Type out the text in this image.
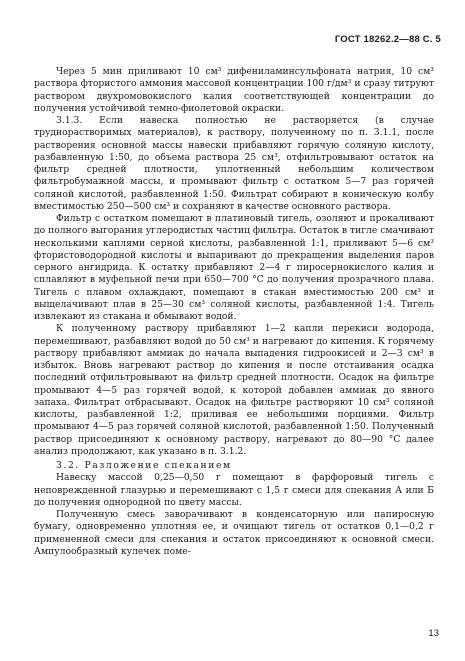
ГОСТ 18262.2—88 С. 5

Через 5 мин приливают 10 см³ дифениламинсульфоната натрия, 10 см³ раствора фтористого аммония массовой концентрации 100 г/дм³ и сразу титруют раствором двухромовокислого калия соответствующей концентрации до получения устойчивой темно-фиолетовой окраски.

3.1.3. Если навеска полностью не растворяется (в случае труднорастворимых материалов), к раствору, полученному по п. 3.1.1, после растворения основной массы навески прибавляют горячую соляную кислоту, разбавленную 1:50, до объема раствора 25 см³, отфильтровывают остаток на фильтр средней плотности, уплотненный небольшим количеством фильтробумажной массы, и промывают фильтр с остатком 5—7 раз горячей соляной кислотой, разбавленной 1:50. Фильтрат собирают в коническую колбу вместимостью 250—500 см³ и сохраняют в качестве основного раствора.

Фильтр с остатком помещают в платиновый тигель, озоляют и прокаливают до полного выгорания углеродистых частиц фильтра. Остаток в тигле смачивают несколькими каплями серной кислоты, разбавленной 1:1, приливают 5—6 см³ фтористоводородной кислоты и выпаривают до прекращения выделения паров серного ангидрида. К остатку прибавляют 2—4 г пиросернокислого калия и сплавляют в муфельной печи при 650—700 °С до получения прозрачного плава. Тигель с плавом охлаждают, помещают в стакан вместимостью 200 см³ и выщелачивают плав в 25—30 см³ соляной кислоты, разбавленной 1:4. Тигель извлекают из стакана и обмывают водой.

К полученному раствору прибавляют 1—2 капли перекиси водорода, перемешивают, разбавляют водой до 50 см³ и нагревают до кипения. К горячему раствору прибавляют аммиак до начала выпадения гидроокисей и 2—3 см³ в избыток. Вновь нагревают раствор до кипения и после отстаивания осадка последний отфильтровывают на фильтр средней плотности. Осадок на фильтре промывают 4—5 раз горячей водой, к которой добавлен аммиак до явного запаха. Фильтрат отбрасывают. Осадок на фильтре растворяют 10 см³ соляной кислоты, разбавленной 1:2, приливая ее небольшими порциями. Фильтр промывают 4—5 раз горячей соляной кислотой, разбавленной 1:50. Полученный раствор присоединяют к основному раствору, нагревают до 80—90 °С далее анализ продолжают, как указано в п. 3.1.2.

3.2. Разложение спеканием

Навеску массой 0,25—0,50 г помещают в фарфоровый тигель с неповрежденной глазурью и перемешивают с 1,5 г смеси для спекания А или Б до получения однородной по цвету массы.

Полученную смесь заворачивают в конденсаторную или папиросную бумагу, одновременно уплотняя ее, и очищают тигель от остатков 0,1—0,2 г примененной смеси для спекания и остаток присоединяют к основной смеси. Ампулообразный кулечек поме-

13
